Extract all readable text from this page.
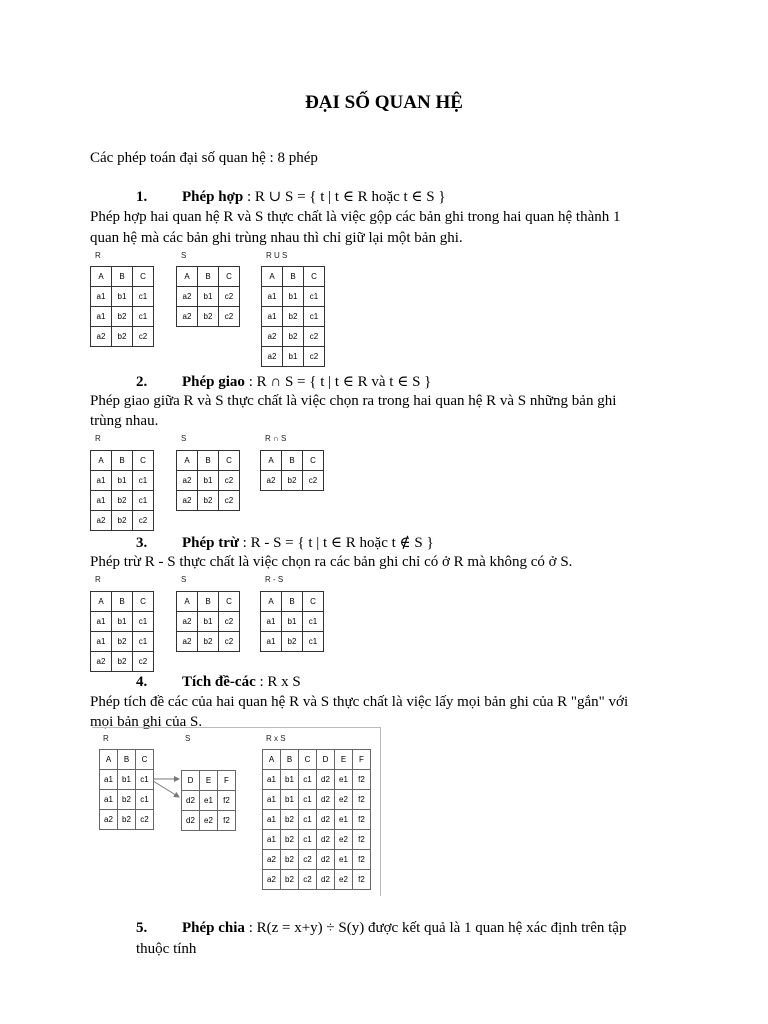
ĐẠI SỐ QUAN HỆ
Các phép toán đại số quan hệ : 8 phép
1. Phép hợp : R ∪ S = { t | t ∈ R hoặc t ∈ S }
Phép hợp hai quan hệ R và S thực chất là việc gộp các bản ghi trong hai quan hệ thành 1
quan hệ mà các bản ghi trùng nhau thì chỉ giữ lại một bản ghi.
R
A	B	C
a1	b1	c1
a1	b2	c1
a2	b2	c2
S
A	B	C
a2	b1	c2
a2	b2	c2
R U S
A	B	C
a1	b1	c1
a1	b2	c1
a2	b2	c2
a2	b1	c2
2. Phép giao : R ∩ S = { t | t ∈ R và t ∈ S }
Phép giao giữa R và S thực chất là việc chọn ra trong hai quan hệ R và S những bản ghi
trùng nhau.
R
A	B	C
a1	b1	c1
a1	b2	c1
a2	b2	c2
S
A	B	C
a2	b1	c2
a2	b2	c2
R ∩ S
A	B	C
a2	b2	c2
3. Phép trừ : R - S = { t | t ∈ R hoặc t ∉ S }
Phép trừ R - S thực chất là việc chọn ra các bản ghi chỉ có ở R mà không có ở S.
R
A	B	C
a1	b1	c1
a1	b2	c1
a2	b2	c2
S
A	B	C
a2	b1	c2
a2	b2	c2
R - S
A	B	C
a1	b1	c1
a1	b2	c1
4. Tích đề-các : R x S
Phép tích đề các của hai quan hệ R và S thực chất là việc lấy mọi bản ghi của R "gắn" với
mọi bản ghi của S.
R
A	B	C
a1	b1	c1
a1	b2	c1
a2	b2	c2
S
D	E	F
d2	e1	f2
d2	e2	f2
R x S
A	B	C	D	E	F
a1	b1	c1	d2	e1	f2
a1	b1	c1	d2	e2	f2
a1	b2	c1	d2	e1	f2
a1	b2	c1	d2	e2	f2
a2	b2	c2	d2	e1	f2
a2	b2	c2	d2	e2	f2
5. Phép chia : R(z = x+y) ÷ S(y) được kết quả là 1 quan hệ xác định trên tập
thuộc tính
